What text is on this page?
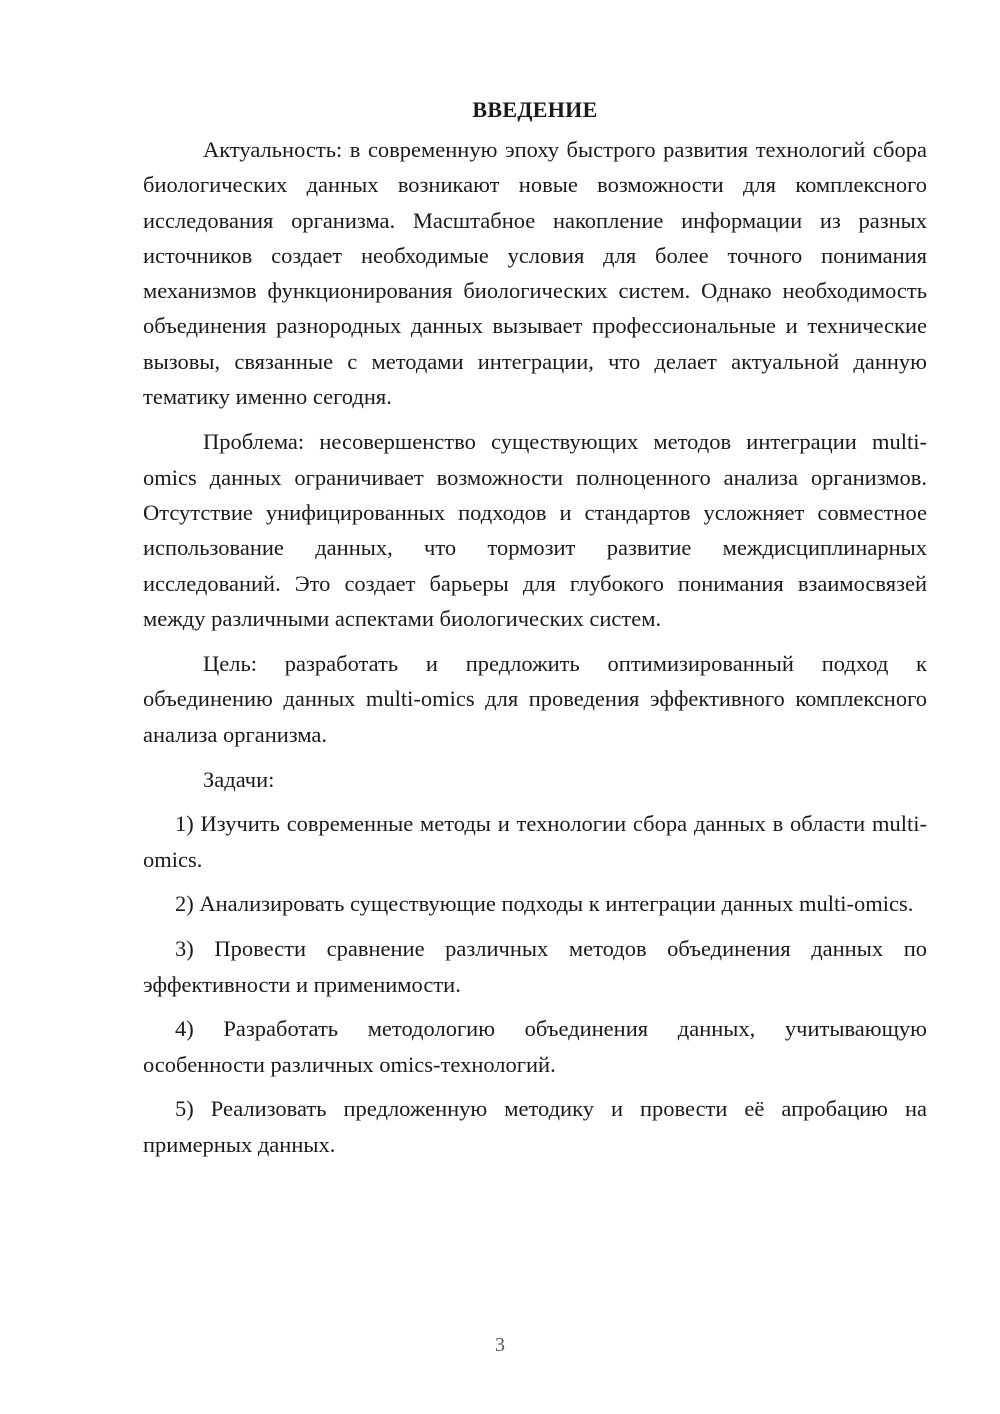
ВВЕДЕНИЕ

Актуальность: в современную эпоху быстрого развития технологий сбора биологических данных возникают новые возможности для комплексного исследования организма. Масштабное накопление информации из разных источников создает необходимые условия для более точного понимания механизмов функционирования биологических систем. Однако необходимость объединения разнородных данных вызывает профессиональные и технические вызовы, связанные с методами интеграции, что делает актуальной данную тематику именно сегодня.

Проблема: несовершенство существующих методов интеграции multi-omics данных ограничивает возможности полноценного анализа организмов. Отсутствие унифицированных подходов и стандартов усложняет совместное использование данных, что тормозит развитие междисциплинарных исследований. Это создает барьеры для глубокого понимания взаимосвязей между различными аспектами биологических систем.

Цель: разработать и предложить оптимизированный подход к объединению данных multi-omics для проведения эффективного комплексного анализа организма.

Задачи:

1) Изучить современные методы и технологии сбора данных в области multi-omics.

2) Анализировать существующие подходы к интеграции данных multi-omics.

3) Провести сравнение различных методов объединения данных по эффективности и применимости.

4) Разработать методологию объединения данных, учитывающую особенности различных omics-технологий.

5) Реализовать предложенную методику и провести её апробацию на примерных данных.

3
